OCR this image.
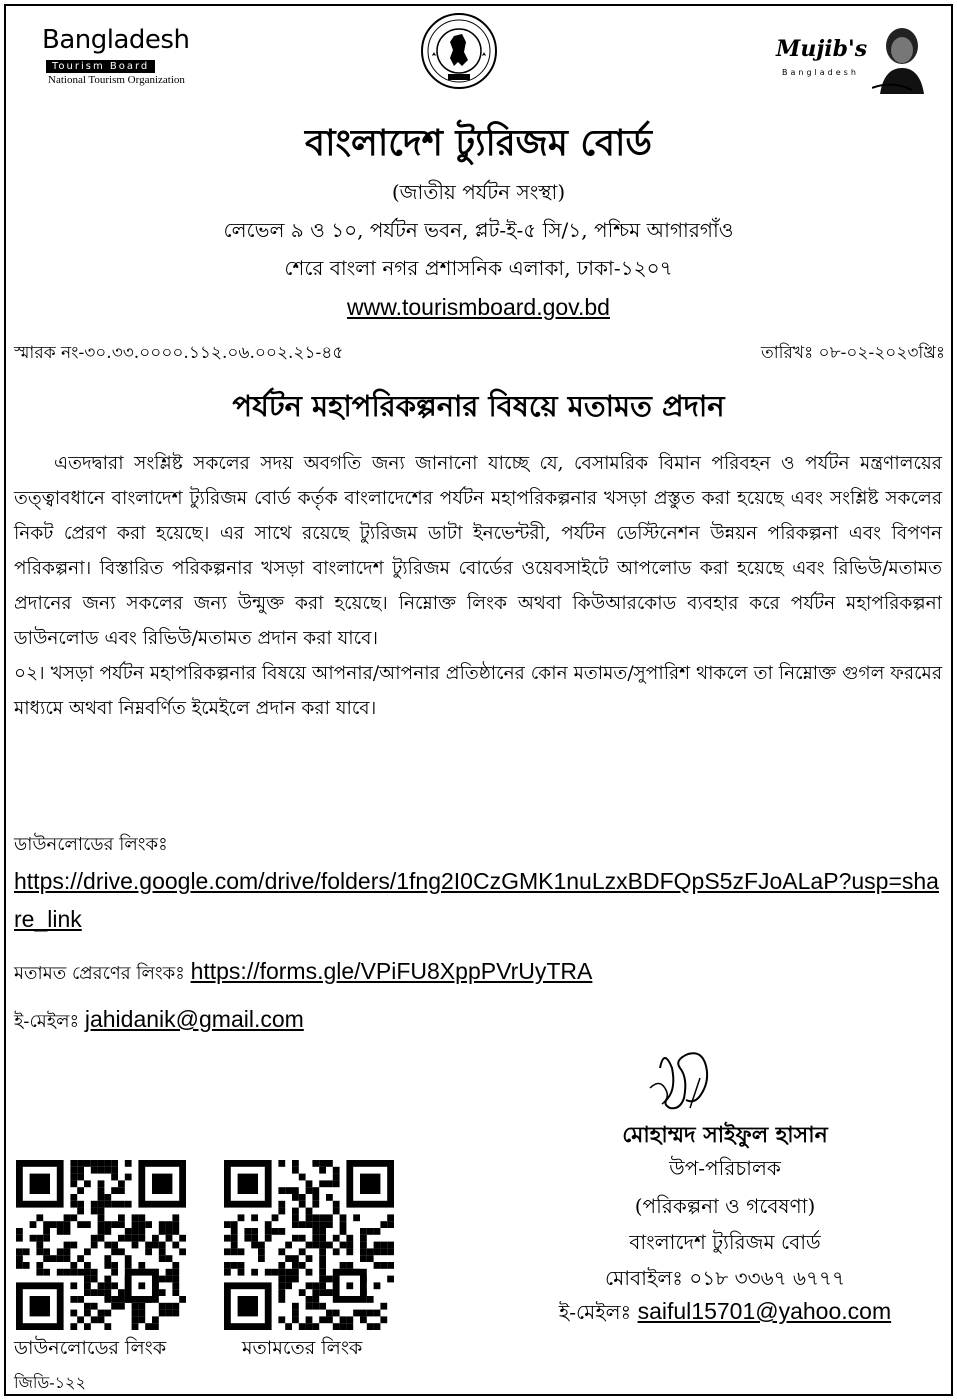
Bangladesh
Tourism Board
National Tourism Organization
Mujib's
Bangladesh
বাংলাদেশ ট্যুরিজম বোর্ড
(জাতীয় পর্যটন সংস্থা)
লেভেল ৯ ও ১০, পর্যটন ভবন, প্লট-ই-৫ সি/১, পশ্চিম আগারগাঁও
শেরে বাংলা নগর প্রশাসনিক এলাকা, ঢাকা-১২০৭
www.tourismboard.gov.bd
স্মারক নং-৩০.৩৩.০০০০.১১২.০৬.০০২.২১-৪৫	তারিখঃ ০৮-০২-২০২৩খ্রিঃ
পর্যটন মহাপরিকল্পনার বিষয়ে মতামত প্রদান

এতদদ্বারা সংশ্লিষ্ট সকলের সদয় অবগতি জন্য জানানো যাচ্ছে যে, বেসামরিক বিমান পরিবহন ও পর্যটন মন্ত্রণালয়ের তত্ত্বাবধানে বাংলাদেশ ট্যুরিজম বোর্ড কর্তৃক বাংলাদেশের পর্যটন মহাপরিকল্পনার খসড়া প্রস্তুত করা হয়েছে এবং সংশ্লিষ্ট সকলের নিকট প্রেরণ করা হয়েছে। এর সাথে রয়েছে ট্যুরিজম ডাটা ইনভেন্টরী, পর্যটন ডেস্টিনেশন উন্নয়ন পরিকল্পনা এবং বিপণন পরিকল্পনা। বিস্তারিত পরিকল্পনার খসড়া বাংলাদেশ ট্যুরিজম বোর্ডের ওয়েবসাইটে আপলোড করা হয়েছে এবং রিভিউ/মতামত প্রদানের জন্য সকলের জন্য উন্মুক্ত করা হয়েছে। নিম্নোক্ত লিংক অথবা কিউআরকোড ব্যবহার করে পর্যটন মহাপরিকল্পনা ডাউনলোড এবং রিভিউ/মতামত প্রদান করা যাবে।

০২। খসড়া পর্যটন মহাপরিকল্পনার বিষয়ে আপনার/আপনার প্রতিষ্ঠানের কোন মতামত/সুপারিশ থাকলে তা নিম্নোক্ত গুগল ফরমের মাধ্যমে অথবা নিম্নবর্ণিত ইমেইলে প্রদান করা যাবে।

ডাউনলোডের লিংকঃ
https://drive.google.com/drive/folders/1fng2I0CzGMK1nuLzxBDFQpS5zFJoALaP?usp=share_link
মতামত প্রেরণের লিংকঃ https://forms.gle/VPiFU8XppPVrUyTRA
ই-মেইলঃ jahidanik@gmail.com
মোহাম্মদ সাইফুল হাসান
উপ-পরিচালক
(পরিকল্পনা ও গবেষণা)
বাংলাদেশ ট্যুরিজম বোর্ড
মোবাইলঃ ০১৮ ৩৩৬৭ ৬৭৭৭
ই-মেইলঃ saiful15701@yahoo.com
ডাউনলোডের লিংক	মতামতের লিংক
জিডি-১২২
